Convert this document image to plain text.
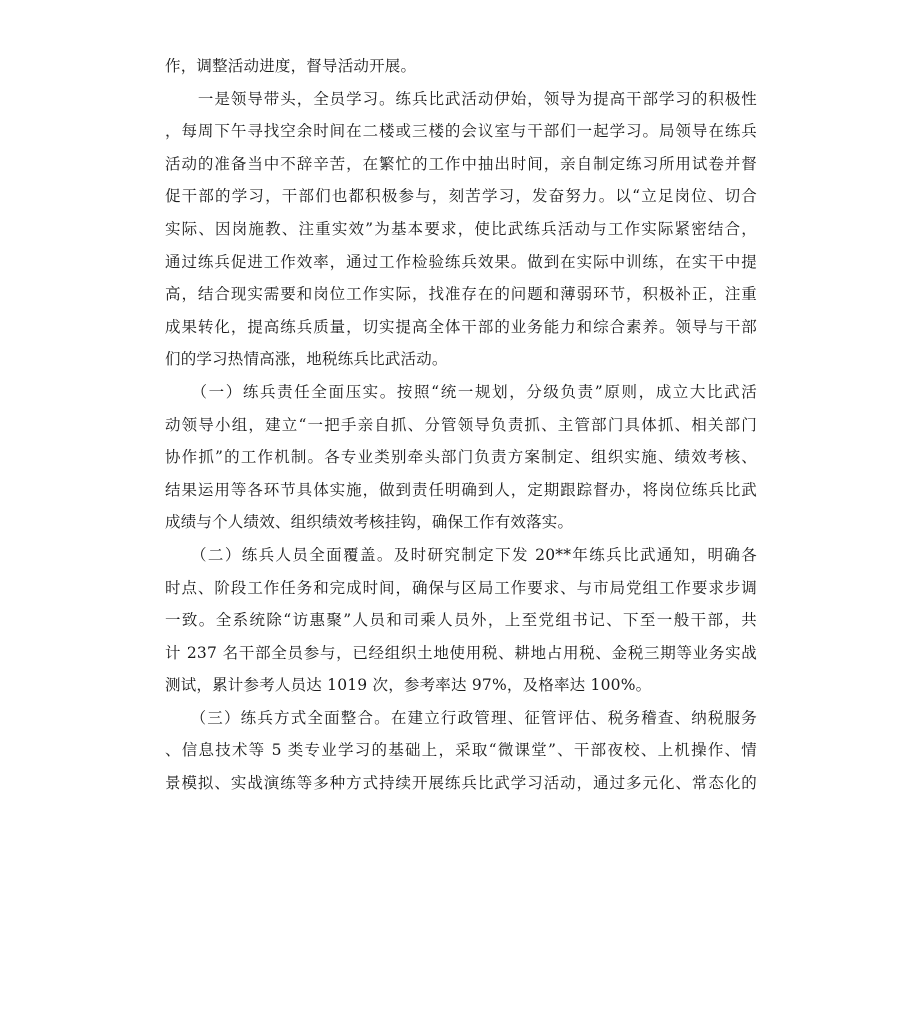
作，调整活动进度，督导活动开展。
　　一是领导带头，全员学习。练兵比武活动伊始，领导为提高干部学习的积极性
，每周下午寻找空余时间在二楼或三楼的会议室与干部们一起学习。局领导在练兵
活动的准备当中不辞辛苦，在繁忙的工作中抽出时间，亲自制定练习所用试卷并督
促干部的学习，干部们也都积极参与，刻苦学习，发奋努力。以“立足岗位、切合
实际、因岗施教、注重实效”为基本要求，使比武练兵活动与工作实际紧密结合，
通过练兵促进工作效率，通过工作检验练兵效果。做到在实际中训练，在实干中提
高，结合现实需要和岗位工作实际，找准存在的问题和薄弱环节，积极补正，注重
成果转化，提高练兵质量，切实提高全体干部的业务能力和综合素养。领导与干部
们的学习热情高涨，地税练兵比武活动。
　　（一）练兵责任全面压实。按照“统一规划，分级负责”原则，成立大比武活
动领导小组，建立“一把手亲自抓、分管领导负责抓、主管部门具体抓、相关部门
协作抓”的工作机制。各专业类别牵头部门负责方案制定、组织实施、绩效考核、
结果运用等各环节具体实施，做到责任明确到人，定期跟踪督办，将岗位练兵比武
成绩与个人绩效、组织绩效考核挂钩，确保工作有效落实。
　　（二）练兵人员全面覆盖。及时研究制定下发 20**年练兵比武通知，明确各
时点、阶段工作任务和完成时间，确保与区局工作要求、与市局党组工作要求步调
一致。全系统除“访惠聚”人员和司乘人员外，上至党组书记、下至一般干部，共
计 237 名干部全员参与，已经组织土地使用税、耕地占用税、金税三期等业务实战
测试，累计参考人员达 1019 次，参考率达 97%，及格率达 100%。
　　（三）练兵方式全面整合。在建立行政管理、征管评估、税务稽查、纳税服务
、信息技术等 5 类专业学习的基础上，采取“微课堂”、干部夜校、上机操作、情
景模拟、实战演练等多种方式持续开展练兵比武学习活动，通过多元化、常态化的
